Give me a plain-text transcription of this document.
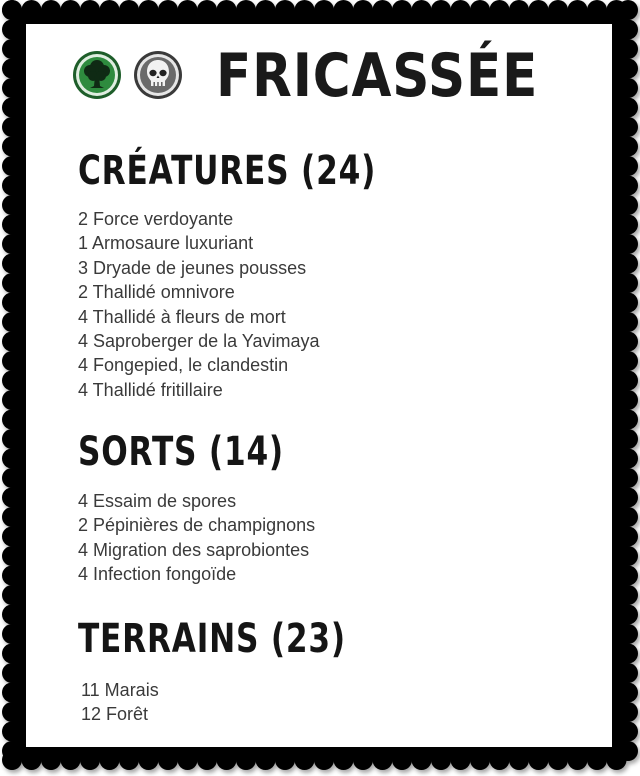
FRICASSÉE
CRÉATURES (24)
2 Force verdoyante
1 Armosaure luxuriant
3 Dryade de jeunes pousses
2 Thallidé omnivore
4 Thallidé à fleurs de mort
4 Saproberger de la Yavimaya
4 Fongepied, le clandestin
4 Thallidé fritillaire
SORTS (14)
4 Essaim de spores
2 Pépinières de champignons
4 Migration des saprobiontes
4 Infection fongoïde
TERRAINS (23)
11 Marais
12 Forêt
